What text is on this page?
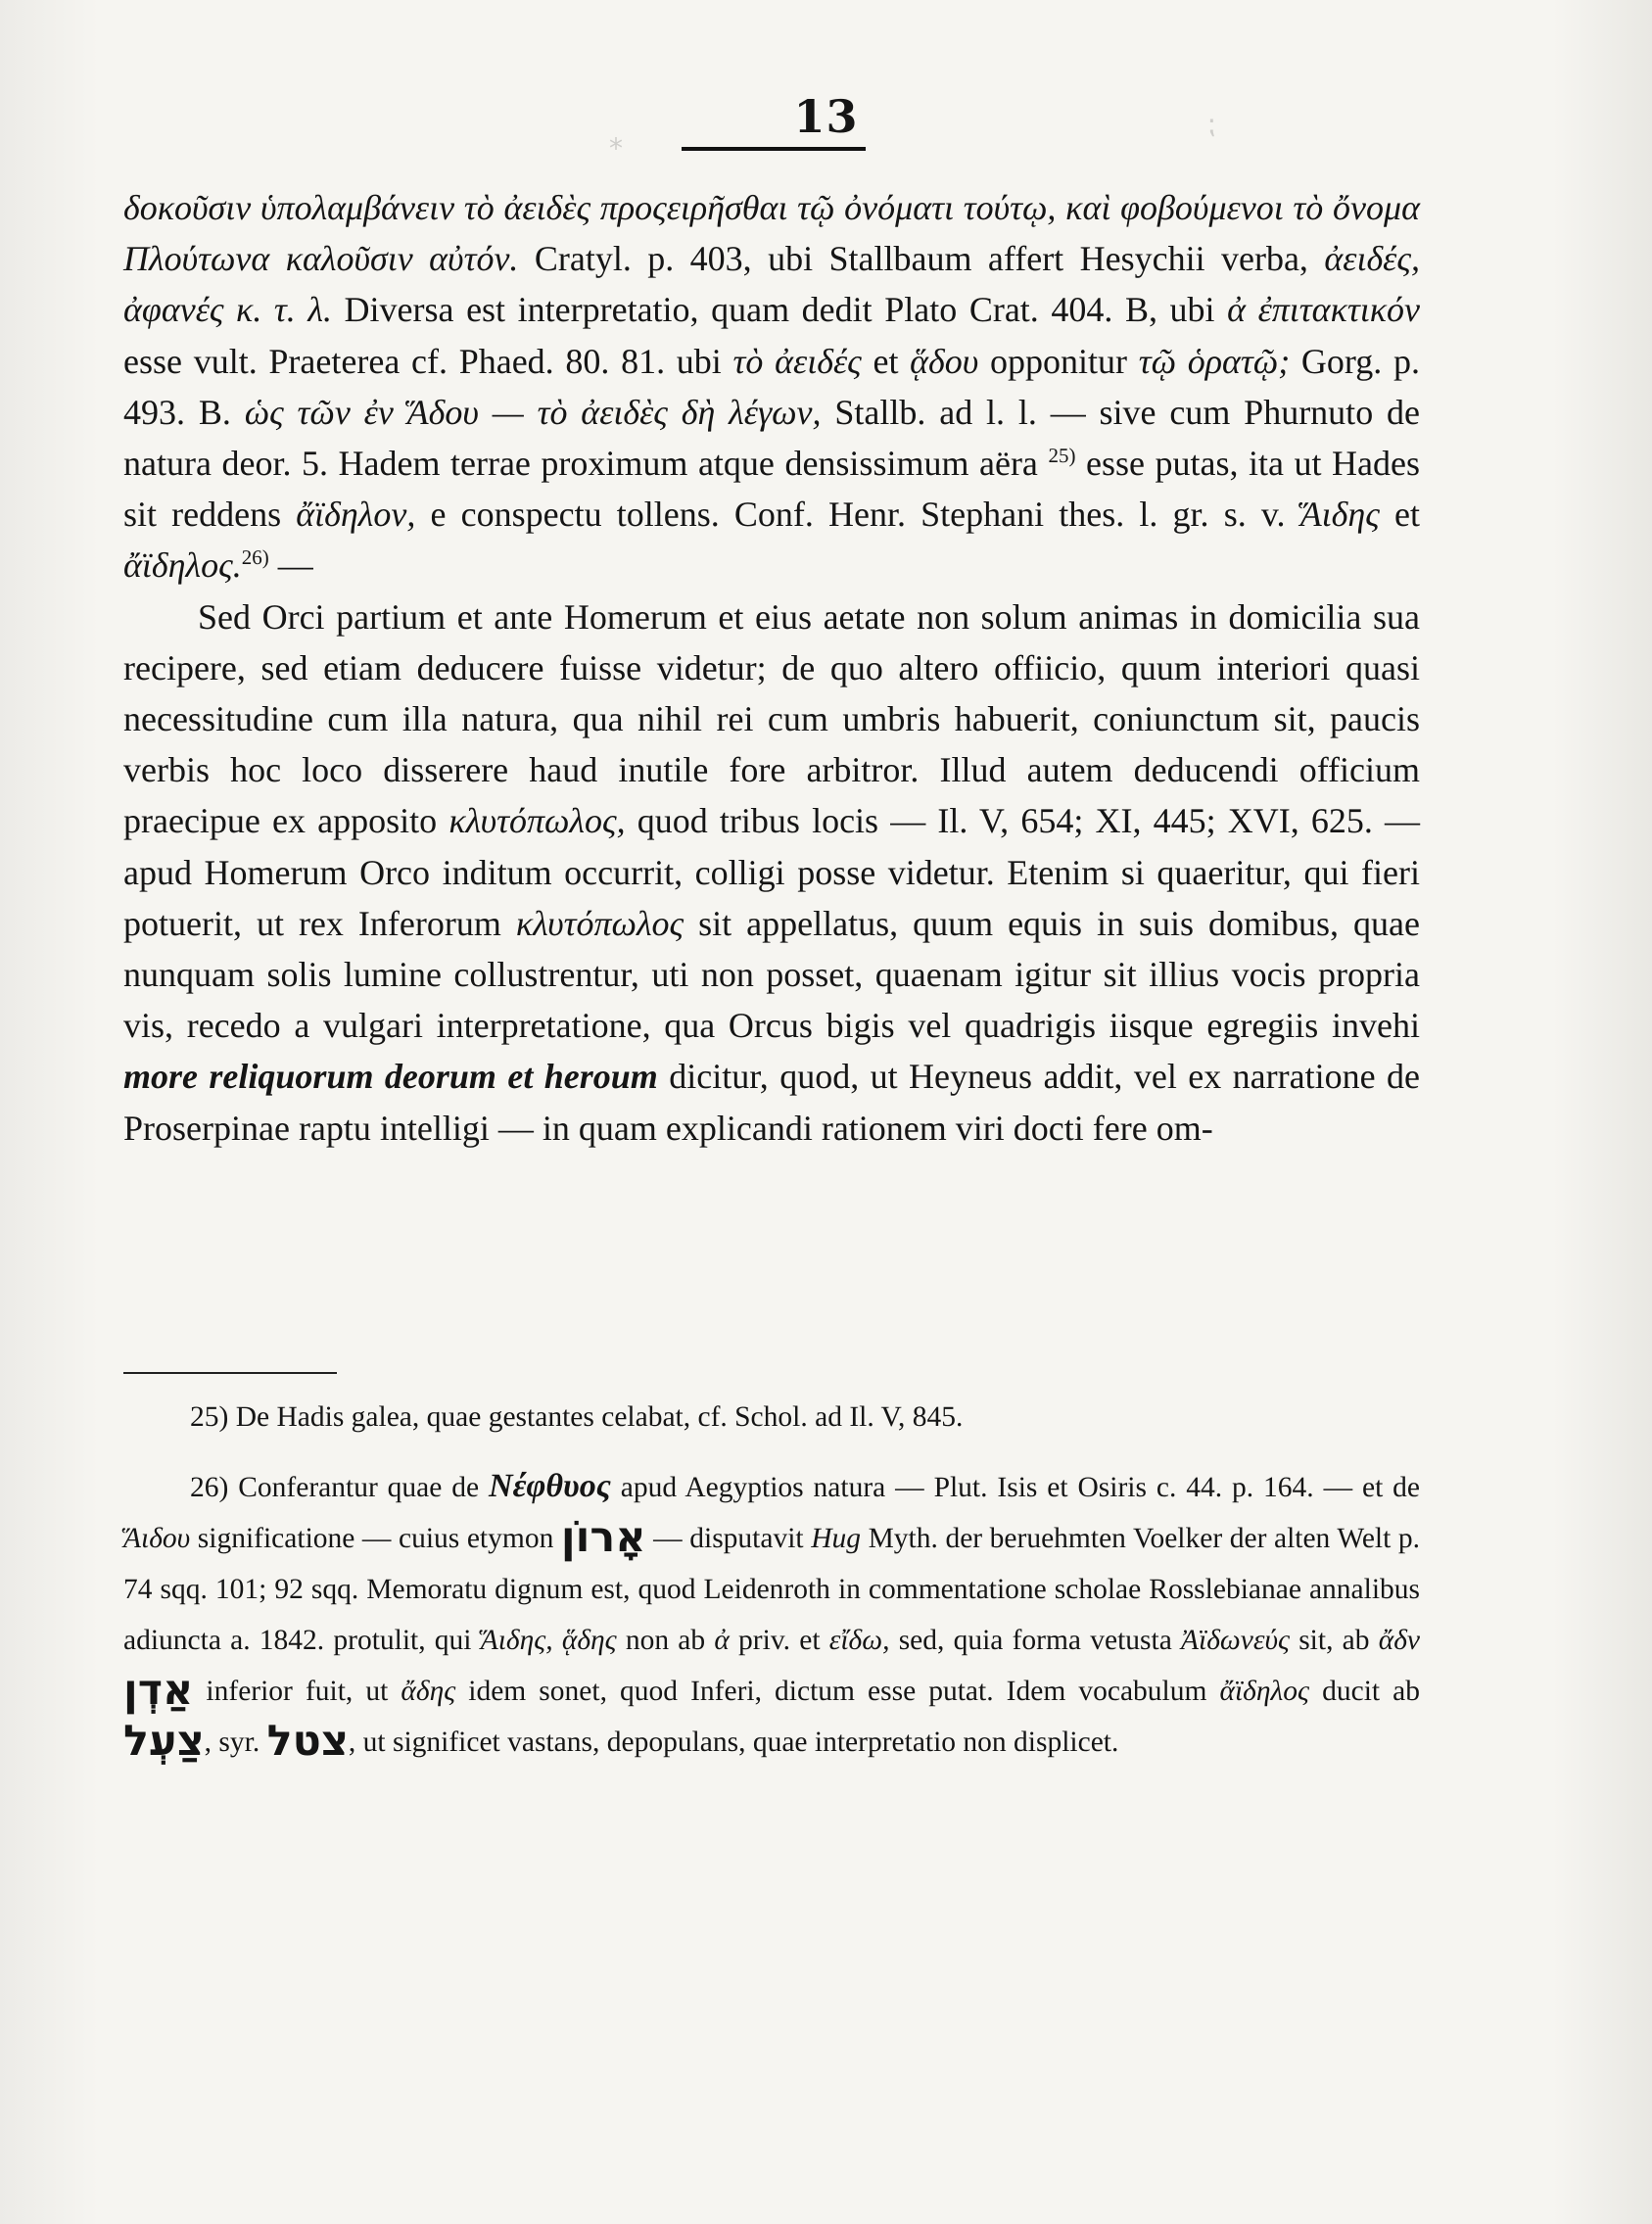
13
⁎
⁏

δοκοῦσιν ὑπολαμβάνειν τὸ ἀειδὲς προςειρῆσθαι τῷ ὀνόματι τούτῳ, καὶ φοβούμενοι τὸ ὄνομα Πλούτωνα καλοῦσιν αὐτόν. Cratyl. p. 403, ubi Stallbaum affert Hesychii verba, ἀειδές, ἀφανές κ. τ. λ. Diversa est interpretatio, quam dedit Plato Crat. 404. B, ubi ἀ ἐπιτακτικόν esse vult. Praeterea cf. Phaed. 80. 81. ubi τὸ ἀειδές et ᾅδου opponitur τῷ ὁρατῷ; Gorg. p. 493. B. ὡς τῶν ἐν Ἅδου — τὸ ἀειδὲς δὴ λέγων, Stallb. ad l. l. — sive cum Phurnuto de natura deor. 5. Hadem terrae proximum atque densissimum aëra $^{25)}$ esse putas, ita ut Hades sit reddens ἄϊδηλον, e conspectu tollens. Conf. Henr. Stephani thes. l. gr. s. v. Ἅιδης et ἄϊδηλος.$^{26)}$ —

Sed Orci partium et ante Homerum et eius aetate non solum animas in domicilia sua recipere, sed etiam deducere fuisse videtur; de quo altero offiicio, quum interiori quasi necessitudine cum illa natura, qua nihil rei cum umbris habuerit, coniunctum sit, paucis verbis hoc loco disserere haud inutile fore arbitror. Illud autem deducendi officium praecipue ex apposito κλυτόπωλος, quod tribus locis — Il. V, 654; XI, 445; XVI, 625. — apud Homerum Orco inditum occurrit, colligi posse videtur. Etenim si quaeritur, qui fieri potuerit, ut rex Inferorum κλυτόπωλος sit appellatus, quum equis in suis domibus, quae nunquam solis lumine collustrentur, uti non posset, quaenam igitur sit illius vocis propria vis, recedo a vulgari interpretatione, qua Orcus bigis vel quadrigis iisque egregiis invehi more reliquorum deorum et heroum dicitur, quod, ut Heyneus addit, vel ex narratione de Proserpinae raptu intelligi — in quam explicandi rationem viri docti fere om-

25) De Hadis galea, quae gestantes celabat, cf. Schol. ad Il. V, 845.

26) Conferantur quae de Νέφθυος apud Aegyptios natura — Plut. Isis et Osiris c. 44. p. 164. — et de Ἅιδου significatione — cuius etymon אָרוֹן — disputavit Hug Myth. der beruehmten Voelker der alten Welt p. 74 sqq. 101; 92 sqq. Memoratu dignum est, quod Leidenroth in commentatione scholae Rosslebianae annalibus adiuncta a. 1842. protulit, qui Ἅιδης, ᾅδης non ab ἀ priv. et εἴδω, sed, quia forma vetusta Ἀϊδωνεύς sit, ab ἄδν אַדְן inferior fuit, ut ἄδης idem sonet, quod Inferi, dictum esse putat. Idem vocabulum ἄϊδηλος ducit ab צַעְל, syr. צטל, ut significet vastans, depopulans, quae interpretatio non displicet.
